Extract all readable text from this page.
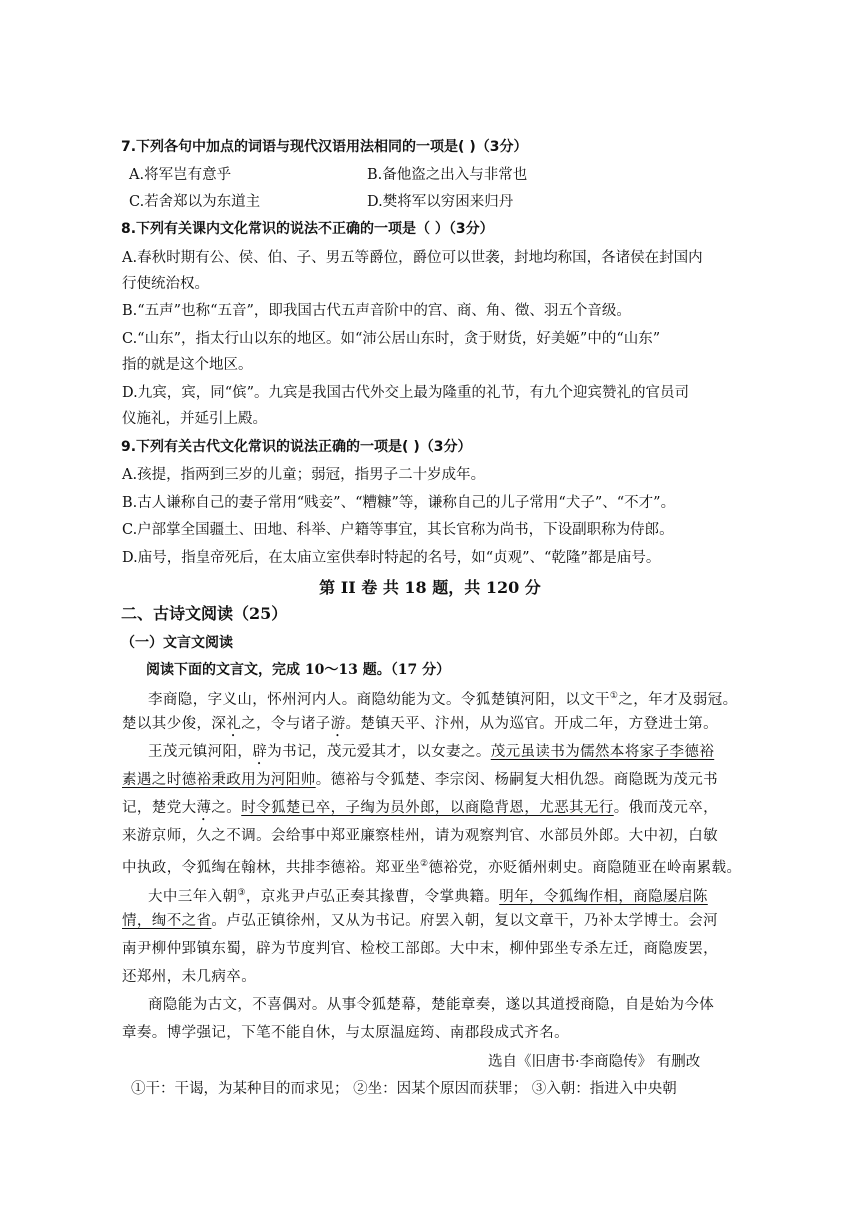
7.下列各句中加点的词语与现代汉语用法相同的一项是( )（3分）
A.将军岂有意乎	B.备他盗之出入与非常也
C.若舍郑以为东道主	D.樊将军以穷困来归丹
8.下列有关课内文化常识的说法不正确的一项是（ ）（3分）
A.春秋时期有公、侯、伯、子、男五等爵位，爵位可以世袭，封地均称国，各诸侯在封国内
行使统治权。
B.“五声”也称“五音”，即我国古代五声音阶中的宫、商、角、徵、羽五个音级。
C.“山东”，指太行山以东的地区。如“沛公居山东时，贪于财货，好美姬”中的“山东”
指的就是这个地区。
D.九宾，宾，同“傧”。九宾是我国古代外交上最为隆重的礼节，有九个迎宾赞礼的官员司
仪施礼，并延引上殿。
9.下列有关古代文化常识的说法正确的一项是( )（3分）
A.孩提，指两到三岁的儿童；弱冠，指男子二十岁成年。
B.古人谦称自己的妻子常用“贱妾”、“糟糠”等，谦称自己的儿子常用“犬子”、“不才”。
C.户部掌全国疆土、田地、科举、户籍等事宜，其长官称为尚书，下设副职称为侍郎。
D.庙号，指皇帝死后，在太庙立室供奉时特起的名号，如“贞观”、“乾隆”都是庙号。
第 II 卷 共 18 题，共 120 分
二、古诗文阅读（25）
（一）文言文阅读
阅读下面的文言文，完成 10～13 题。（17 分）
李商隐，字义山，怀州河内人。商隐幼能为文。令狐楚镇河阳，以文干①之，年才及弱冠。
楚以其少俊，深礼之，令与诸子游。楚镇天平、汴州，从为巡官。开成二年，方登进士第。
王茂元镇河阳，辟为书记，茂元爱其才，以女妻之。茂元虽读书为儒然本将家子李德裕
素遇之时德裕秉政用为河阳帅。德裕与令狐楚、李宗闵、杨嗣复大相仇怨。商隐既为茂元书
记，楚党大薄之。时令狐楚已卒，子绹为员外郎，以商隐背恩，尤恶其无行。俄而茂元卒，
来游京师，久之不调。会给事中郑亚廉察桂州，请为观察判官、水部员外郎。大中初，白敏
中执政，令狐绹在翰林，共排李德裕。郑亚坐②德裕党，亦贬循州刺史。商隐随亚在岭南累载。
大中三年入朝③，京兆尹卢弘正奏其掾曹，令掌典籍。明年，令狐绹作相，商隐屡启陈
情，绹不之省。卢弘正镇徐州，又从为书记。府罢入朝，复以文章干，乃补太学博士。会河
南尹柳仲郢镇东蜀，辟为节度判官、检校工部郎。大中末，柳仲郢坐专杀左迁，商隐废罢，
还郑州，未几病卒。
商隐能为古文，不喜偶对。从事令狐楚幕，楚能章奏，遂以其道授商隐，自是始为今体
章奏。博学强记，下笔不能自休，与太原温庭筠、南郡段成式齐名。
选自《旧唐书·李商隐传》 有删改
①干：干谒，为某种目的而求见； ②坐：因某个原因而获罪； ③入朝：指进入中央朝
